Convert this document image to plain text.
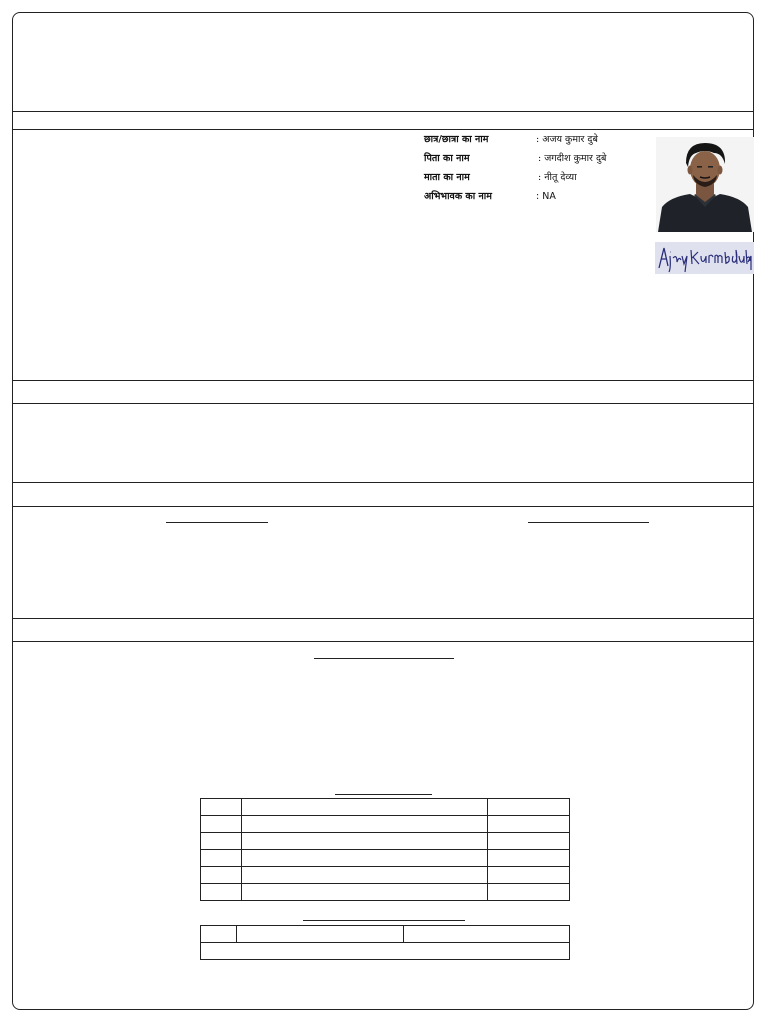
छात्र/छात्रा का नाम	: अजय कुमार दुबे
पिता का नाम	: जगदीश कुमार दुबे
माता का नाम	: नीतू देव्या
अभिभावक का नाम	: NA
